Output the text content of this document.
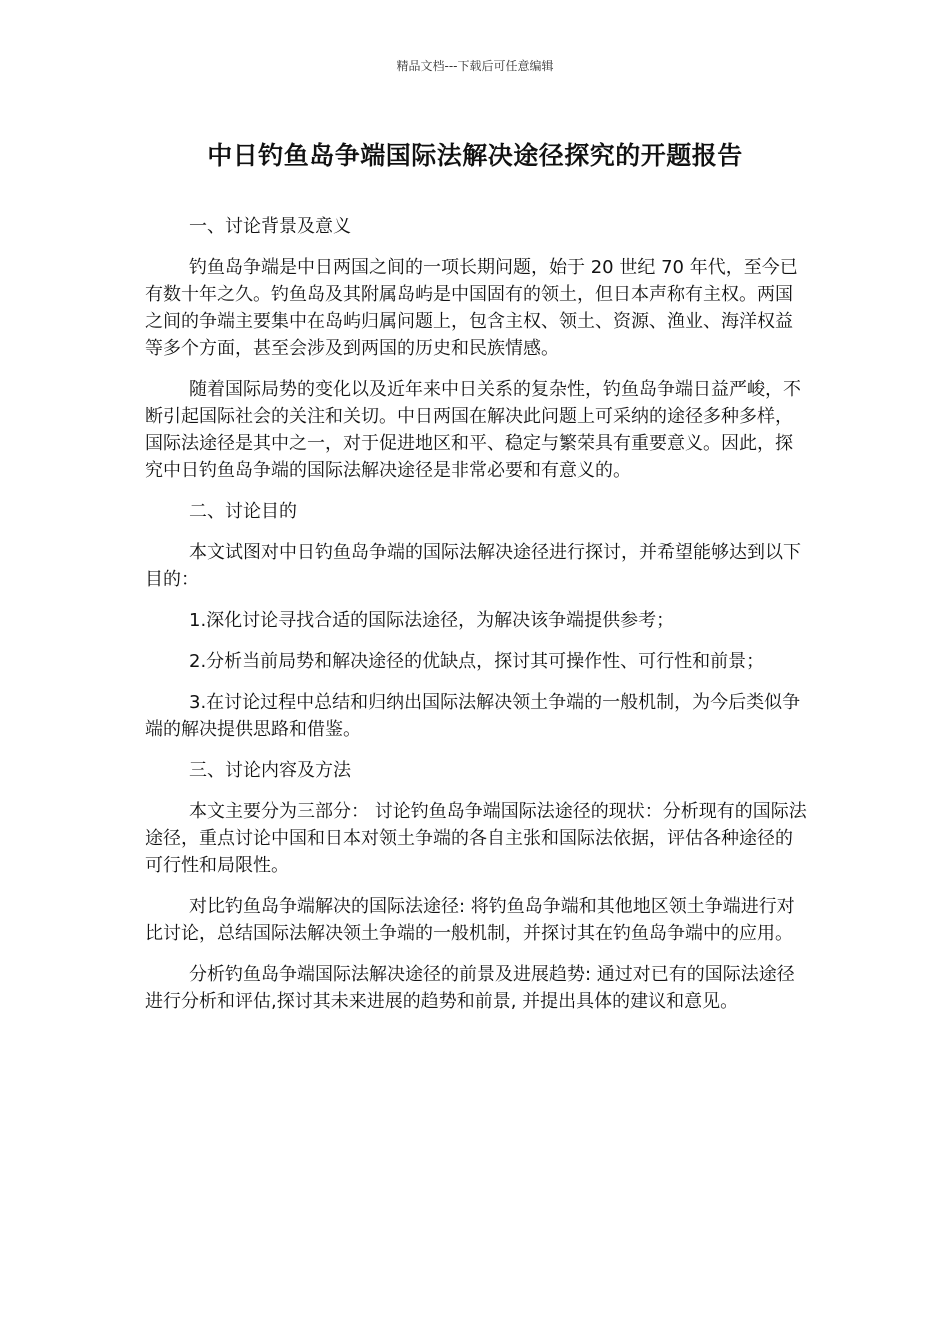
精品文档---下载后可任意编辑
中日钓鱼岛争端国际法解决途径探究的开题报告

一、讨论背景及意义

钓鱼岛争端是中日两国之间的一项长期问题，始于 20 世纪 70 年代，至今已有数十年之久。钓鱼岛及其附属岛屿是中国固有的领土，但日本声称有主权。两国之间的争端主要集中在岛屿归属问题上，包含主权、领土、资源、渔业、海洋权益等多个方面，甚至会涉及到两国的历史和民族情感。

随着国际局势的变化以及近年来中日关系的复杂性，钓鱼岛争端日益严峻，不断引起国际社会的关注和关切。中日两国在解决此问题上可采纳的途径多种多样，国际法途径是其中之一，对于促进地区和平、稳定与繁荣具有重要意义。因此，探究中日钓鱼岛争端的国际法解决途径是非常必要和有意义的。

二、讨论目的

本文试图对中日钓鱼岛争端的国际法解决途径进行探讨，并希望能够达到以下目的：

1.深化讨论寻找合适的国际法途径，为解决该争端提供参考；

2.分析当前局势和解决途径的优缺点，探讨其可操作性、可行性和前景；

3.在讨论过程中总结和归纳出国际法解决领土争端的一般机制，为今后类似争端的解决提供思路和借鉴。

三、讨论内容及方法

本文主要分为三部分： 讨论钓鱼岛争端国际法途径的现状：分析现有的国际法途径，重点讨论中国和日本对领土争端的各自主张和国际法依据，评估各种途径的可行性和局限性。

对比钓鱼岛争端解决的国际法途径: 将钓鱼岛争端和其他地区领土争端进行对比讨论，总结国际法解决领土争端的一般机制，并探讨其在钓鱼岛争端中的应用。

分析钓鱼岛争端国际法解决途径的前景及进展趋势: 通过对已有的国际法途径进行分析和评估,探讨其未来进展的趋势和前景, 并提出具体的建议和意见。
